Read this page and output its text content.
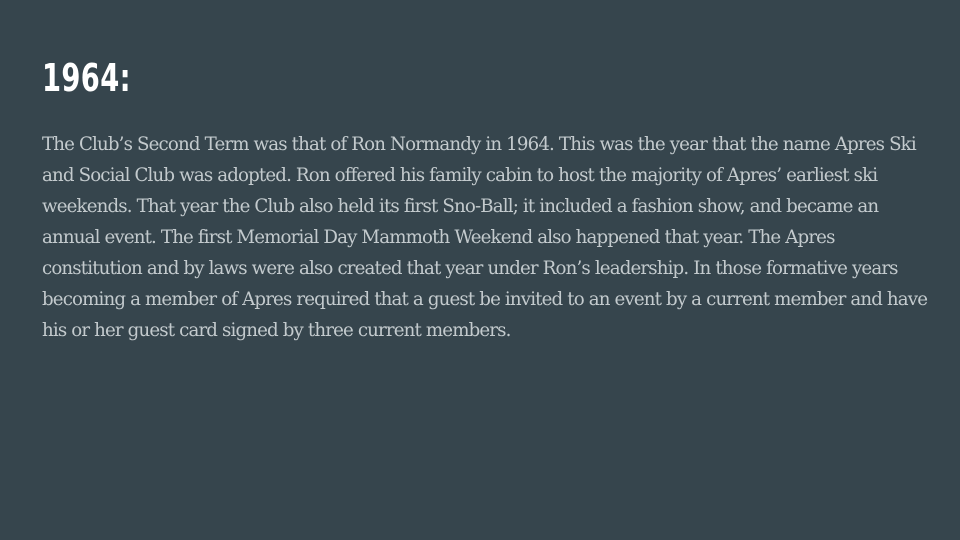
1964:

The Club’s Second Term was that of Ron Normandy in 1964. This was the year that the name Apres Ski and Social Club was adopted. Ron offered his family cabin to host the majority of Apres’ earliest ski weekends. That year the Club also held its first Sno-Ball; it included a fashion show, and became an annual event. The first Memorial Day Mammoth Weekend also happened that year. The Apres constitution and by laws were also created that year under Ron’s leadership. In those formative years becoming a member of Apres required that a guest be invited to an event by a current member and have his or her guest card signed by three current members.
